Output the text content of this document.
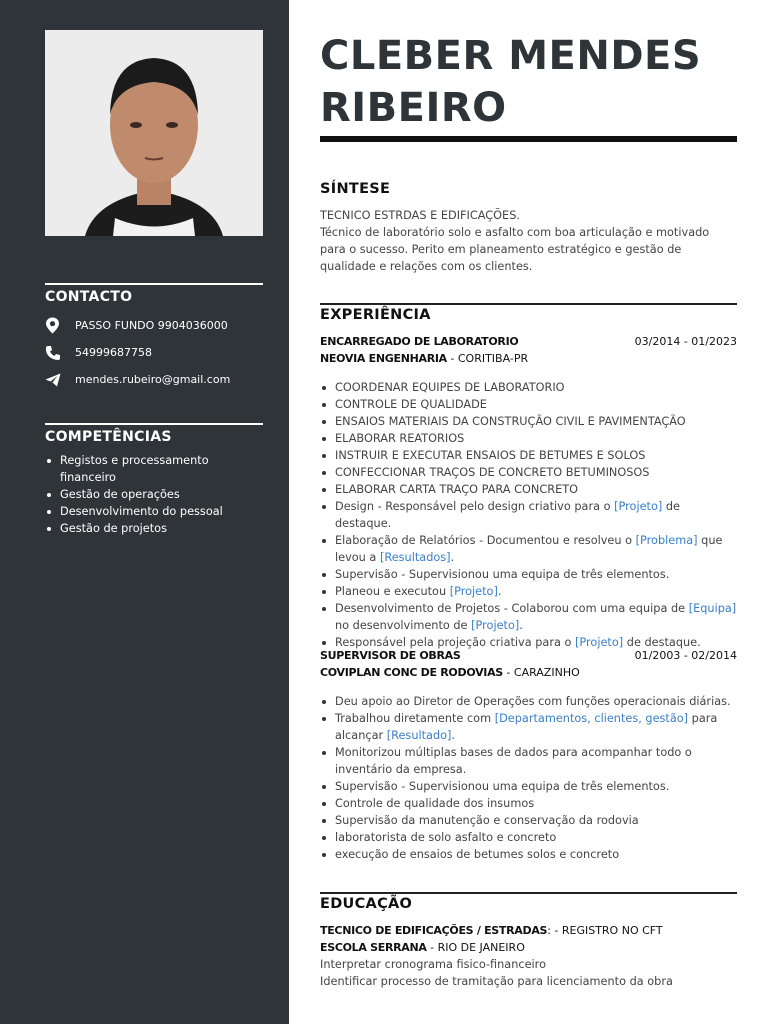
CONTACTO
PASSO FUNDO 9904036000
54999687758
mendes.rubeiro@gmail.com
COMPETÊNCIAS
Registos e processamento financeiro
Gestão de operações
Desenvolvimento do pessoal
Gestão de projetos
CLEBER MENDES
RIBEIRO
SÍNTESE
TECNICO ESTRDAS E EDIFICAÇÕES.
Técnico de laboratório solo e asfalto com boa articulação e motivado para o sucesso. Perito em planeamento estratégico e gestão de qualidade e relações com os clientes.
EXPERIÊNCIA
ENCARREGADO DE LABORATORIO	03/2014 - 01/2023
NEOVIA ENGENHARIA - CORITIBA-PR
COORDENAR EQUIPES DE LABORATORIO
CONTROLE DE QUALIDADE
ENSAIOS MATERIAIS DA CONSTRUÇÃO CIVIL E PAVIMENTAÇÃO
ELABORAR REATORIOS
INSTRUIR E EXECUTAR ENSAIOS DE BETUMES E SOLOS
CONFECCIONAR TRAÇOS DE CONCRETO BETUMINOSOS
ELABORAR CARTA TRAÇO PARA CONCRETO
Design - Responsável pelo design criativo para o [Projeto] de destaque.
Elaboração de Relatórios - Documentou e resolveu o [Problema] que levou a [Resultados].
Supervisão - Supervisionou uma equipa de três elementos.
Planeou e executou [Projeto].
Desenvolvimento de Projetos - Colaborou com uma equipa de [Equipa] no desenvolvimento de [Projeto].
Responsável pela projeção criativa para o [Projeto] de destaque.
SUPERVISOR DE OBRAS	01/2003 - 02/2014
COVIPLAN CONC DE RODOVIAS - CARAZINHO
Deu apoio ao Diretor de Operações com funções operacionais diárias.
Trabalhou diretamente com [Departamentos, clientes, gestão] para alcançar [Resultado].
Monitorizou múltiplas bases de dados para acompanhar todo o inventário da empresa.
Supervisão - Supervisionou uma equipa de três elementos.
Controle de qualidade dos insumos
Supervisão da manutenção e conservação da rodovia
laboratorista de solo asfalto e concreto
execução de ensaios de betumes solos e concreto
EDUCAÇÃO
TECNICO DE EDIFICAÇÕES / ESTRADAS: - REGISTRO NO CFT
ESCOLA SERRANA - RIO DE JANEIRO
Interpretar cronograma fisico-financeiro
Identificar processo de tramitação para licenciamento da obra
